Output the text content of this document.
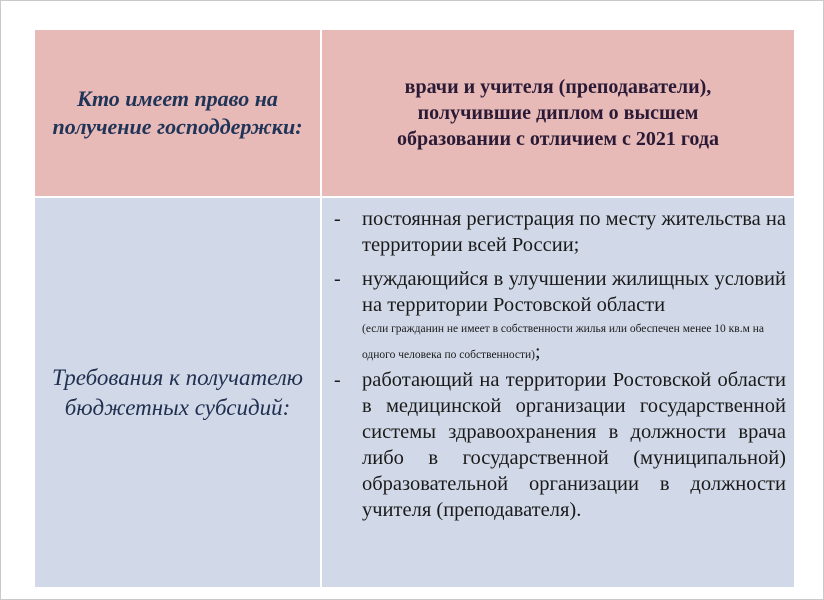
Кто имеет право на получение господдержки:
врачи и учителя (преподаватели), получившие диплом о высшем образовании с отличием с 2021 года
Требования к получателю бюджетных субсидий:
- постоянная регистрация по месту жительства на территории всей России;
- нуждающийся в улучшении жилищных условий на территории Ростовской области
(если гражданин не имеет в собственности жилья или обеспечен менее 10 кв.м на одного человека по собственности);
- работающий на территории Ростовской области в медицинской организации государственной системы здравоохранения в должности врача либо в государственной (муниципальной) образовательной организации в должности учителя (преподавателя).
